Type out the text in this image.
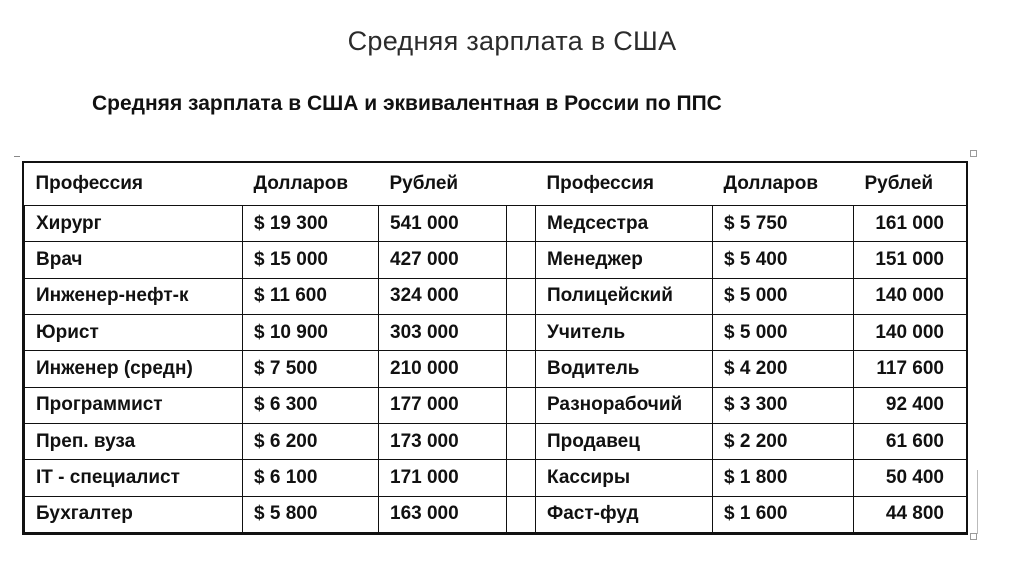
Средняя зарплата в США
Средняя зарплата в США и эквивалентная в России по ППС
Профессия	Долларов	Рублей		Профессия	Долларов	Рублей
Хирург	$ 19 300	541 000		Медсестра	$ 5 750	161 000
Врач	$ 15 000	427 000		Менеджер	$ 5 400	151 000
Инженер-нефт-к	$ 11 600	324 000		Полицейский	$ 5 000	140 000
Юрист	$ 10 900	303 000		Учитель	$ 5 000	140 000
Инженер (средн)	$ 7 500	210 000		Водитель	$ 4 200	117 600
Программист	$ 6 300	177 000		Разнорабочий	$ 3 300	92 400
Преп. вуза	$ 6 200	173 000		Продавец	$ 2 200	61 600
IT - специалист	$ 6 100	171 000		Кассиры	$ 1 800	50 400
Бухгалтер	$ 5 800	163 000		Фаст-фуд	$ 1 600	44 800
